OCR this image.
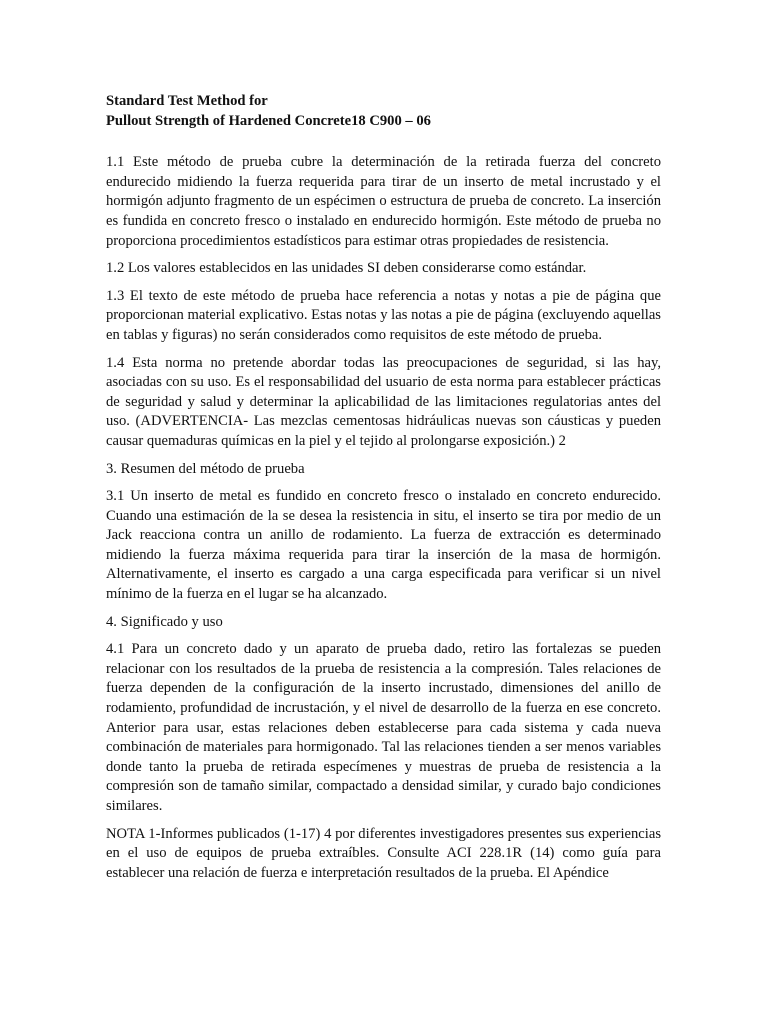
Standard Test Method for
Pullout Strength of Hardened Concrete18 C900 – 06

1.1 Este método de prueba cubre la determinación de la retirada fuerza del concreto endurecido midiendo la fuerza requerida para tirar de un inserto de metal incrustado y el hormigón adjunto fragmento de un espécimen o estructura de prueba de concreto. La inserción es fundida en concreto fresco o instalado en endurecido hormigón. Este método de prueba no proporciona procedimientos estadísticos para estimar otras propiedades de resistencia.

1.2 Los valores establecidos en las unidades SI deben considerarse como estándar.

1.3 El texto de este método de prueba hace referencia a notas y notas a pie de página que proporcionan material explicativo. Estas notas y las notas a pie de página (excluyendo aquellas en tablas y figuras) no serán considerados como requisitos de este método de prueba.

1.4 Esta norma no pretende abordar todas las preocupaciones de seguridad, si las hay, asociadas con su uso. Es el responsabilidad del usuario de esta norma para establecer prácticas de seguridad y salud y determinar la aplicabilidad de las limitaciones regulatorias antes del uso. (ADVERTENCIA- Las mezclas cementosas hidráulicas nuevas son cáusticas y pueden causar quemaduras químicas en la piel y el tejido al prolongarse exposición.) 2

3. Resumen del método de prueba

3.1 Un inserto de metal es fundido en concreto fresco o instalado en concreto endurecido. Cuando una estimación de la se desea la resistencia in situ, el inserto se tira por medio de un Jack reacciona contra un anillo de rodamiento. La fuerza de extracción es determinado midiendo la fuerza máxima requerida para tirar la inserción de la masa de hormigón. Alternativamente, el inserto es cargado a una carga especificada para verificar si un nivel mínimo de la fuerza en el lugar se ha alcanzado.

4. Significado y uso

4.1 Para un concreto dado y un aparato de prueba dado, retiro las fortalezas se pueden relacionar con los resultados de la prueba de resistencia a la compresión. Tales relaciones de fuerza dependen de la configuración de la inserto incrustado, dimensiones del anillo de rodamiento, profundidad de incrustación, y el nivel de desarrollo de la fuerza en ese concreto. Anterior para usar, estas relaciones deben establecerse para cada sistema y cada nueva combinación de materiales para hormigonado. Tal las relaciones tienden a ser menos variables donde tanto la prueba de retirada especímenes y muestras de prueba de resistencia a la compresión son de tamaño similar, compactado a densidad similar, y curado bajo condiciones similares.

NOTA 1-Informes publicados (1-17) 4 por diferentes investigadores presentes sus experiencias en el uso de equipos de prueba extraíbles. Consulte ACI 228.1R (14) como guía para establecer una relación de fuerza e interpretación resultados de la prueba. El Apéndice
